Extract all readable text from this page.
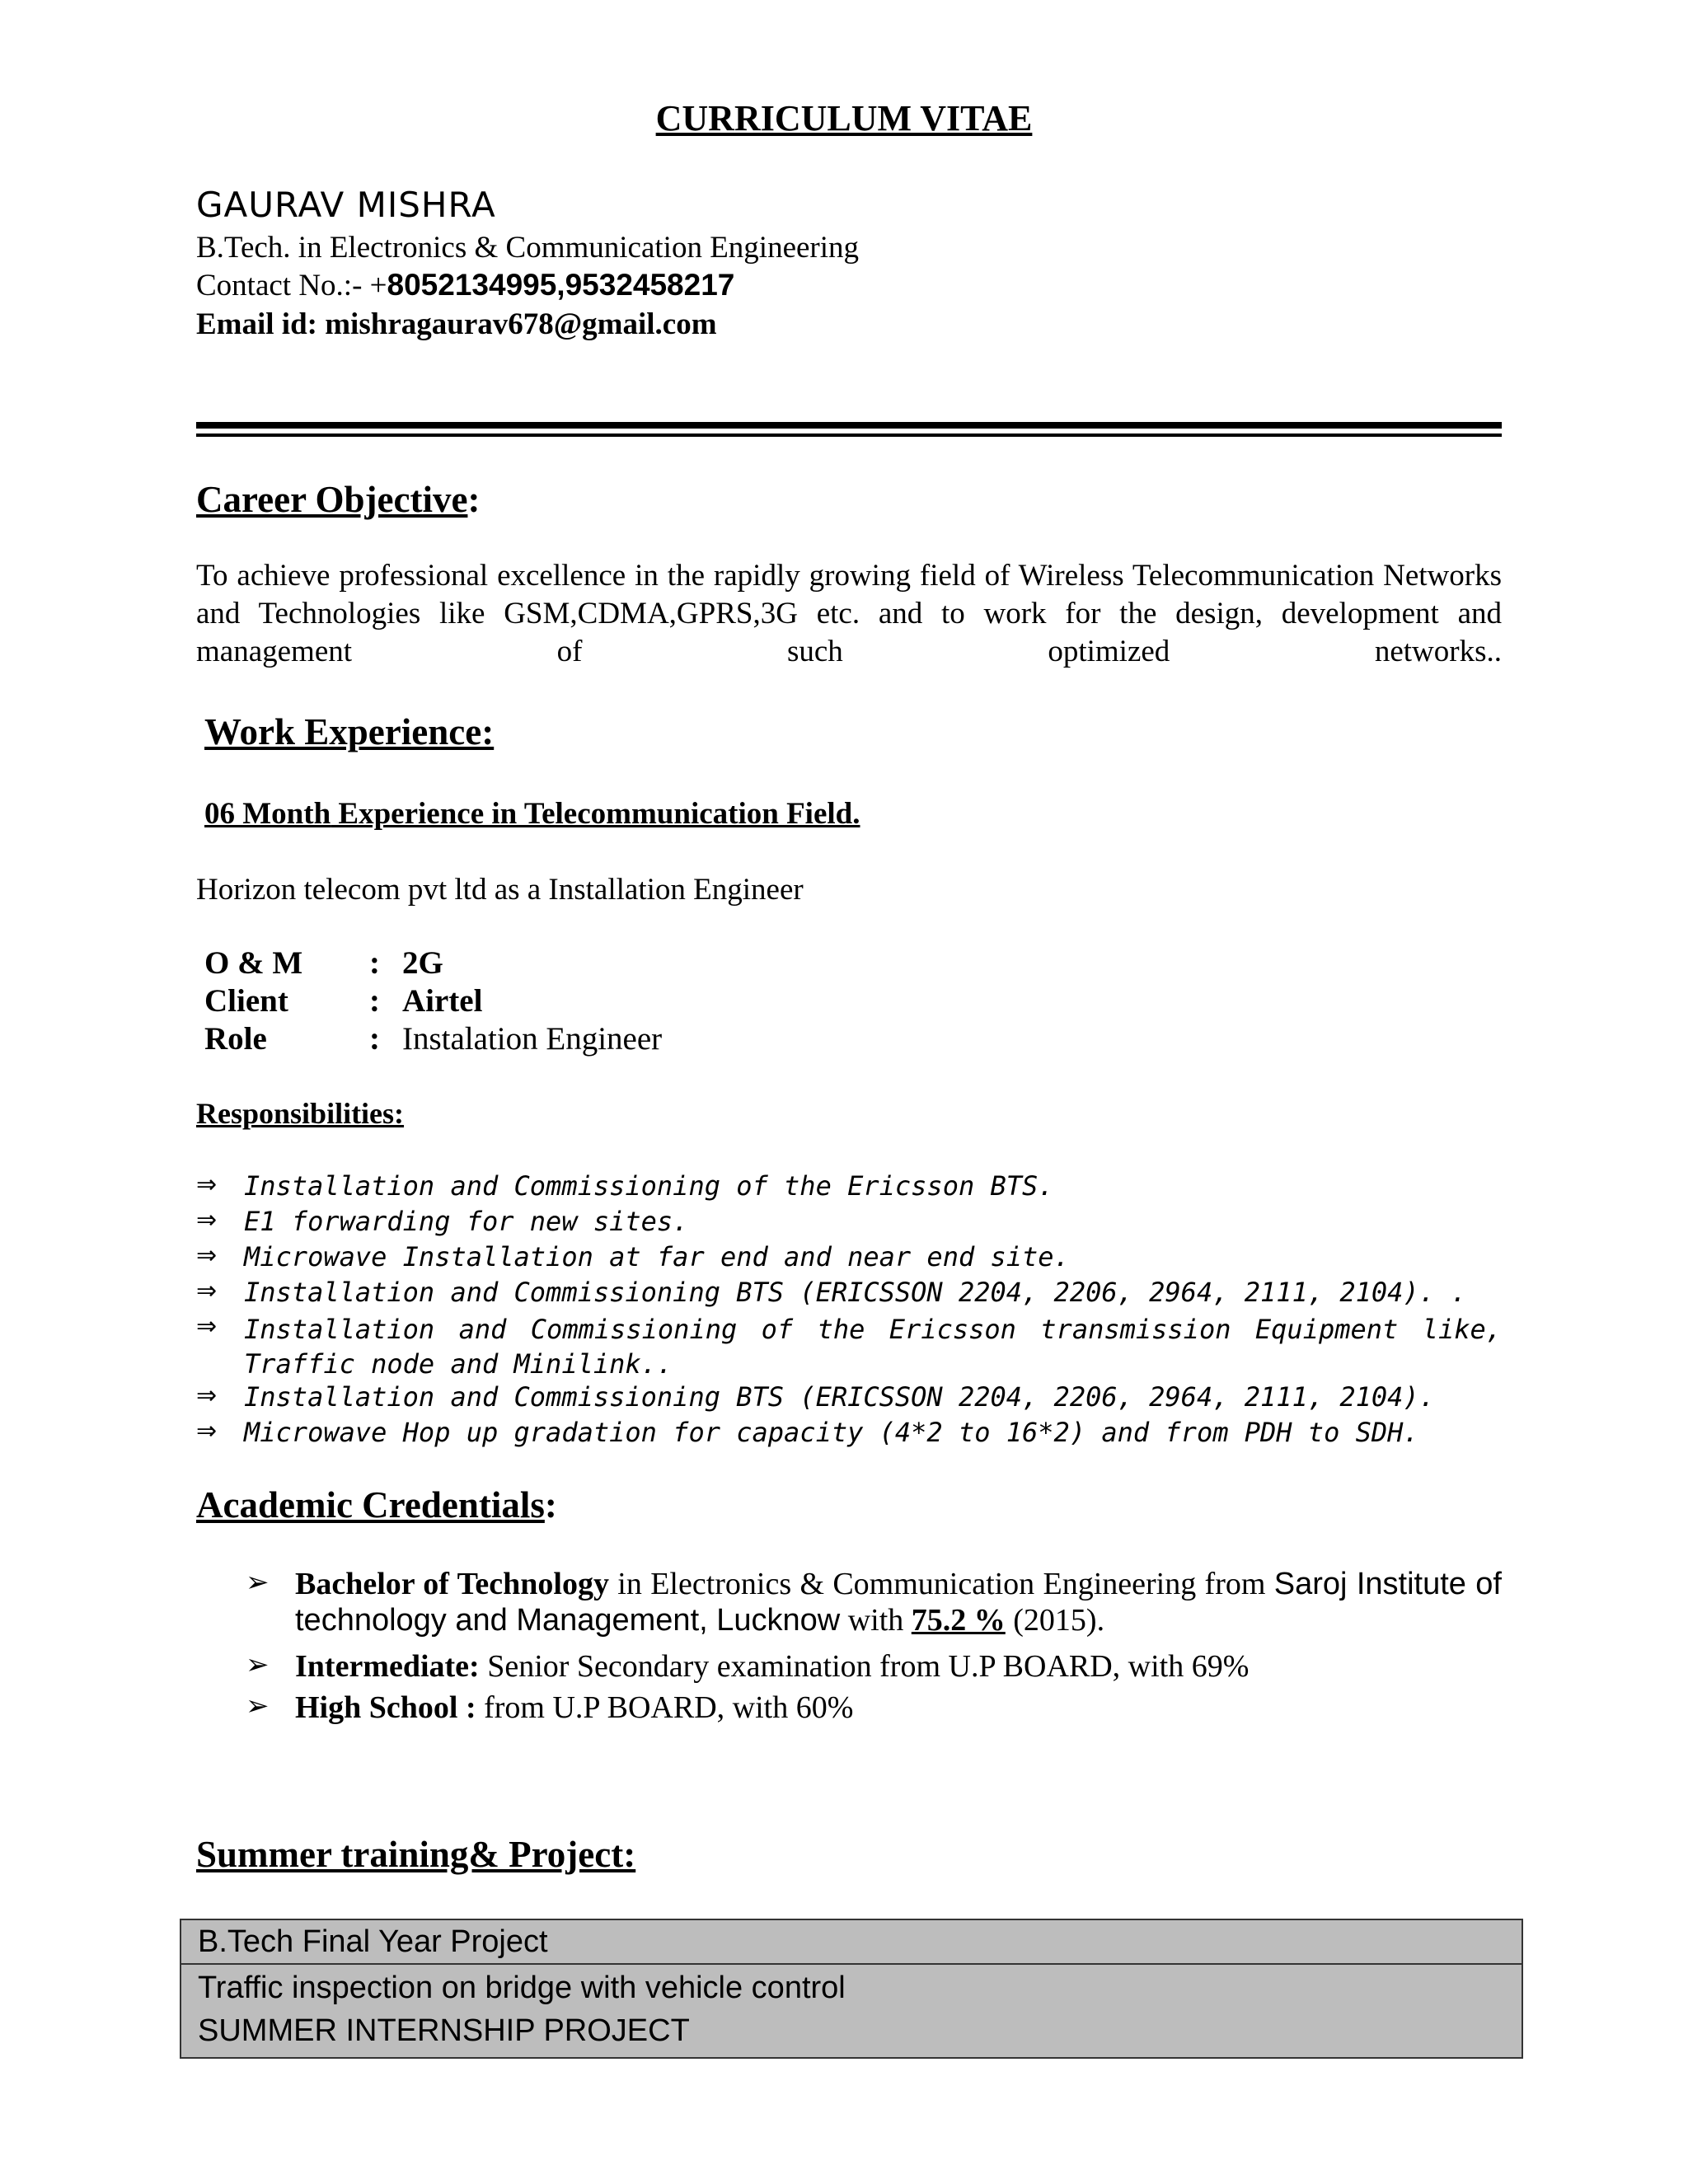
CURRICULUM VITAE
GAURAV MISHRA
B.Tech. in Electronics & Communication Engineering
Contact No.:- +8052134995,9532458217
Email id: mishragaurav678@gmail.com
Career Objective:
To achieve professional excellence in the rapidly growing field of Wireless Telecommunication Networks and Technologies like GSM,CDMA,GPRS,3G etc. and to work for the design, development and management of such optimized networks..
Work Experience:
06 Month Experience in Telecommunication Field.
Horizon telecom pvt ltd as a Installation Engineer
O & M : 2G
Client	: Airtel
Role	: Instalation Engineer
Responsibilities:
⇒ Installation and Commissioning of the Ericsson BTS.
⇒ E1 forwarding for new sites.
⇒ Microwave Installation at far end and near end site.
⇒ Installation and Commissioning BTS (ERICSSON 2204, 2206, 2964, 2111, 2104). .
⇒ Installation and Commissioning of the Ericsson transmission Equipment like, Traffic node and Minilink..
⇒ Installation and Commissioning BTS (ERICSSON 2204, 2206, 2964, 2111, 2104).
⇒ Microwave Hop up gradation for capacity (4*2 to 16*2) and from PDH to SDH.
Academic Credentials:
➢ Bachelor of Technology in Electronics & Communication Engineering from Saroj Institute of technology and Management, Lucknow with 75.2 % (2015).
➢ Intermediate: Senior Secondary examination from U.P BOARD, with 69%
➢ High School : from U.P BOARD, with 60%
Summer training& Project:
B.Tech Final Year Project
Traffic inspection on bridge with vehicle control
SUMMER INTERNSHIP PROJECT
